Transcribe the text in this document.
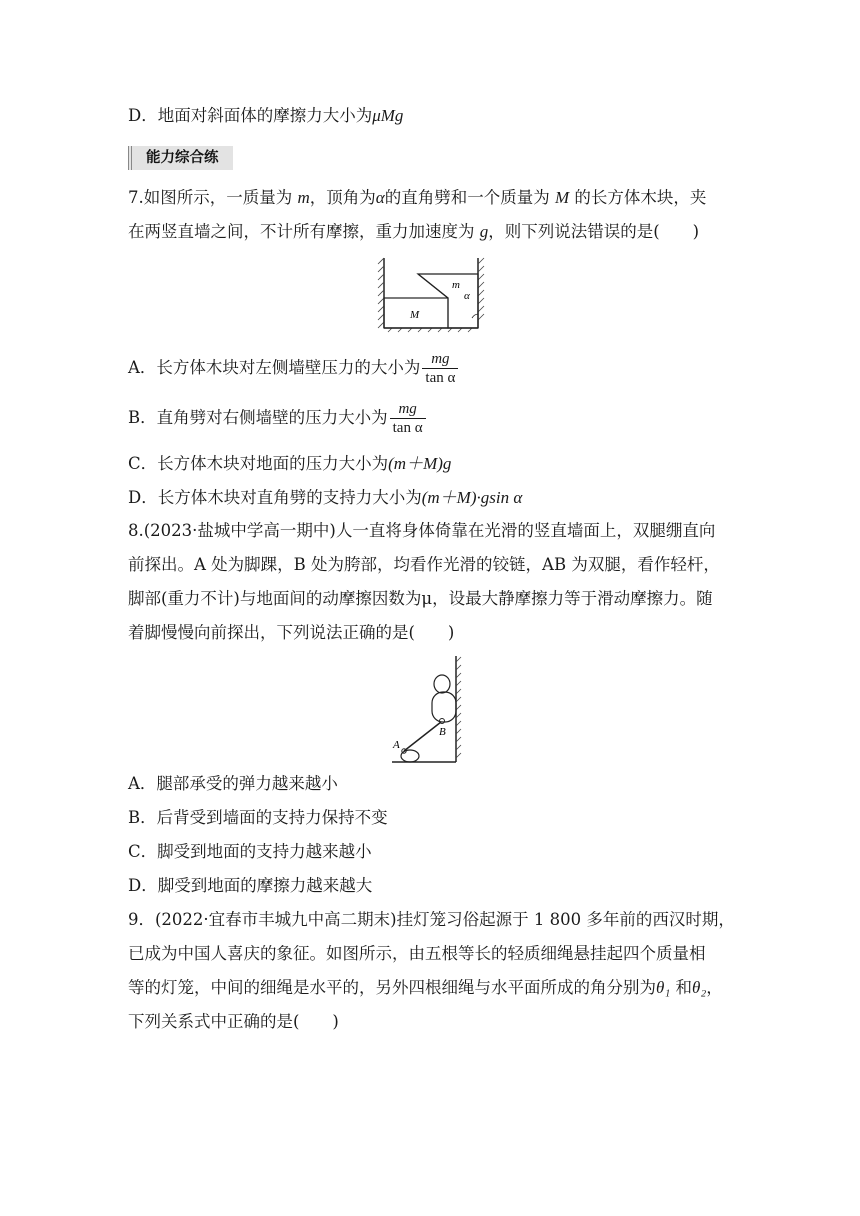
D．地面对斜面体的摩擦力大小为μMg
能力综合练
7.如图所示，一质量为 m，顶角为α的直角劈和一个质量为 M 的长方体木块，夹
在两竖直墙之间，不计所有摩擦，重力加速度为 g，则下列说法错误的是(　　)
m
α
M
A．长方体木块对左侧墙壁压力的大小为 $\frac{mg}{\text{tan α}}$
B．直角劈对右侧墙壁的压力大小为 $\frac{mg}{\text{tan α}}$
C．长方体木块对地面的压力大小为(m＋M)g
D．长方体木块对直角劈的支持力大小为(m＋M)·gsin α
8.(2023·盐城中学高一期中)人一直将身体倚靠在光滑的竖直墙面上，双腿绷直向
前探出。A 处为脚踝，B 处为胯部，均看作光滑的铰链，AB 为双腿，看作轻杆，
脚部(重力不计)与地面间的动摩擦因数为μ，设最大静摩擦力等于滑动摩擦力。随
着脚慢慢向前探出，下列说法正确的是(　　)
A
B
A．腿部承受的弹力越来越小
B．后背受到墙面的支持力保持不变
C．脚受到地面的支持力越来越小
D．脚受到地面的摩擦力越来越大
9．(2022·宜春市丰城九中高二期末)挂灯笼习俗起源于 1 800 多年前的西汉时期，
已成为中国人喜庆的象征。如图所示，由五根等长的轻质细绳悬挂起四个质量相
等的灯笼，中间的细绳是水平的，另外四根细绳与水平面所成的角分别为θ₁ 和θ₂，
下列关系式中正确的是(　　)
